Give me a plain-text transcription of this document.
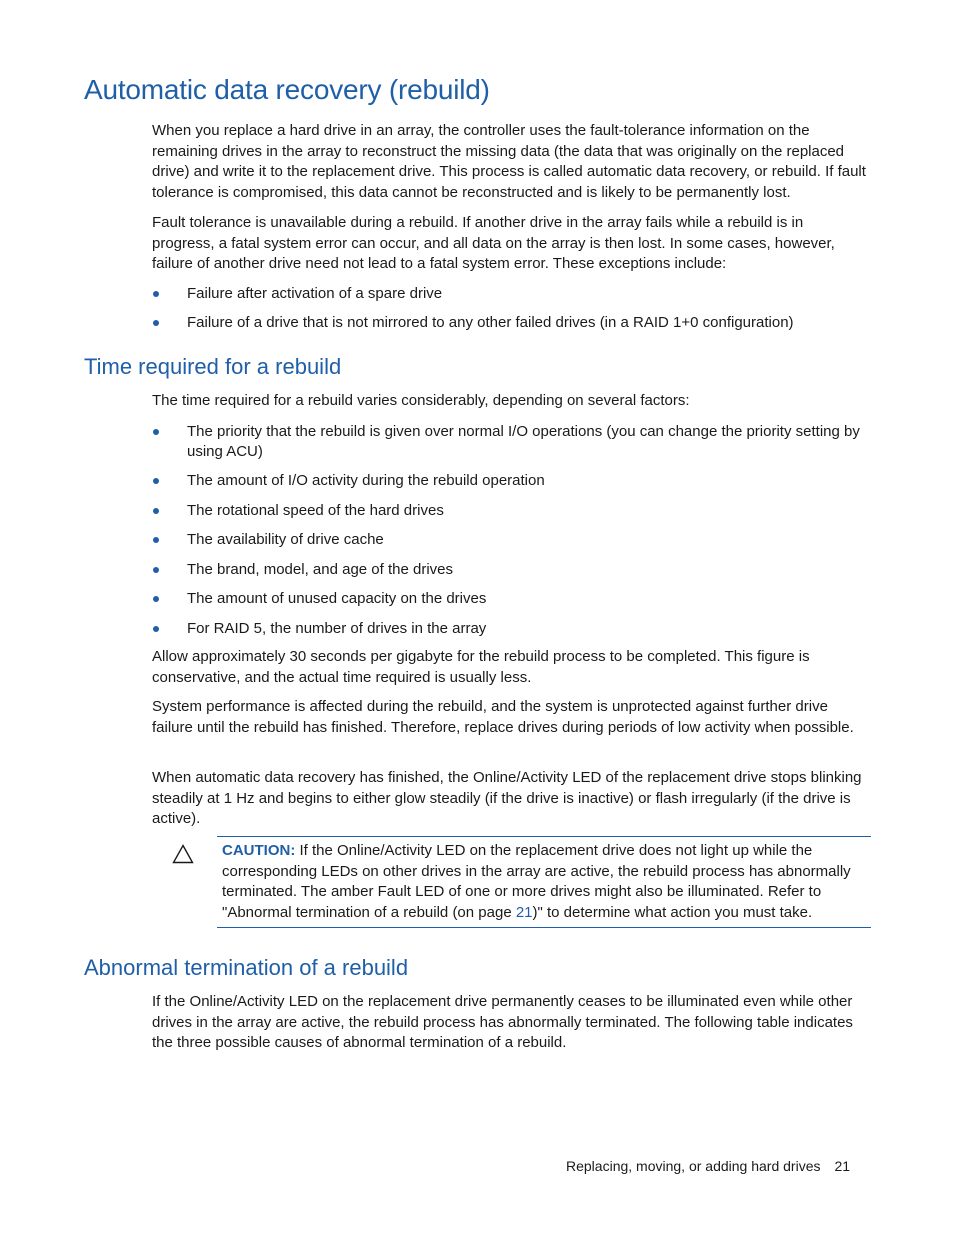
Automatic data recovery (rebuild)

When you replace a hard drive in an array, the controller uses the fault-tolerance information on the remaining drives in the array to reconstruct the missing data (the data that was originally on the replaced drive) and write it to the replacement drive. This process is called automatic data recovery, or rebuild. If fault tolerance is compromised, this data cannot be reconstructed and is likely to be permanently lost.

Fault tolerance is unavailable during a rebuild. If another drive in the array fails while a rebuild is in progress, a fatal system error can occur, and all data on the array is then lost. In some cases, however, failure of another drive need not lead to a fatal system error. These exceptions include:

Failure after activation of a spare drive
Failure of a drive that is not mirrored to any other failed drives (in a RAID 1+0 configuration)
Time required for a rebuild

The time required for a rebuild varies considerably, depending on several factors:

The priority that the rebuild is given over normal I/O operations (you can change the priority setting by using ACU)
The amount of I/O activity during the rebuild operation
The rotational speed of the hard drives
The availability of drive cache
The brand, model, and age of the drives
The amount of unused capacity on the drives
For RAID 5, the number of drives in the array

Allow approximately 30 seconds per gigabyte for the rebuild process to be completed. This figure is conservative, and the actual time required is usually less.

System performance is affected during the rebuild, and the system is unprotected against further drive failure until the rebuild has finished. Therefore, replace drives during periods of low activity when possible.

When automatic data recovery has finished, the Online/Activity LED of the replacement drive stops blinking steadily at 1 Hz and begins to either glow steadily (if the drive is inactive) or flash irregularly (if the drive is active).

CAUTION: If the Online/Activity LED on the replacement drive does not light up while the corresponding LEDs on other drives in the array are active, the rebuild process has abnormally terminated. The amber Fault LED of one or more drives might also be illuminated. Refer to "Abnormal termination of a rebuild (on page 21)" to determine what action you must take.

Abnormal termination of a rebuild

If the Online/Activity LED on the replacement drive permanently ceases to be illuminated even while other drives in the array are active, the rebuild process has abnormally terminated. The following table indicates the three possible causes of abnormal termination of a rebuild.

Replacing, moving, or adding hard drives 21
